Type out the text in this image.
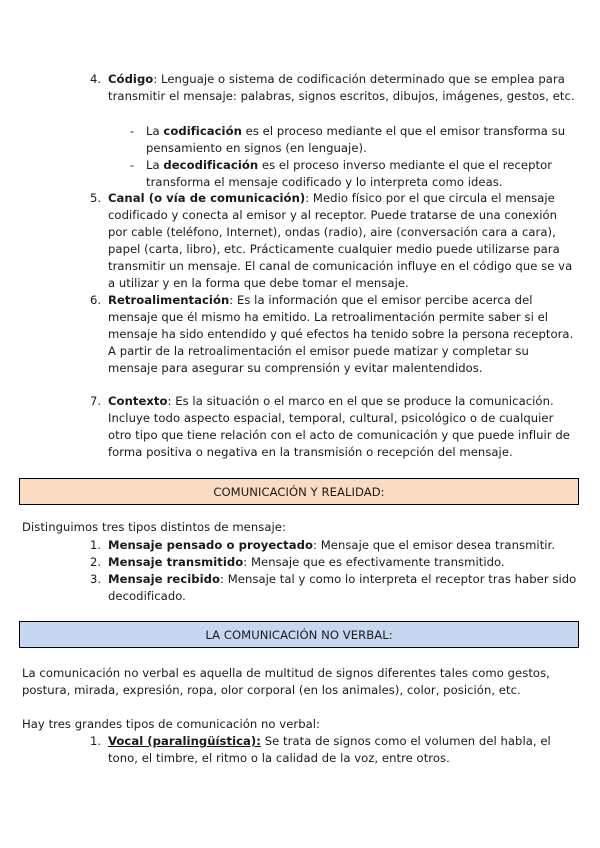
4. Código: Lenguaje o sistema de codificación determinado que se emplea para transmitir el mensaje: palabras, signos escritos, dibujos, imágenes, gestos, etc.
- La codificación es el proceso mediante el que el emisor transforma su pensamiento en signos (en lenguaje).
- La decodificación es el proceso inverso mediante el que el receptor transforma el mensaje codificado y lo interpreta como ideas.
5. Canal (o vía de comunicación): Medio físico por el que circula el mensaje codificado y conecta al emisor y al receptor. Puede tratarse de una conexión por cable (teléfono, Internet), ondas (radio), aire (conversación cara a cara), papel (carta, libro), etc. Prácticamente cualquier medio puede utilizarse para transmitir un mensaje. El canal de comunicación influye en el código que se va a utilizar y en la forma que debe tomar el mensaje.
6. Retroalimentación: Es la información que el emisor percibe acerca del mensaje que él mismo ha emitido. La retroalimentación permite saber si el mensaje ha sido entendido y qué efectos ha tenido sobre la persona receptora. A partir de la retroalimentación el emisor puede matizar y completar su mensaje para asegurar su comprensión y evitar malentendidos.
7. Contexto: Es la situación o el marco en el que se produce la comunicación. Incluye todo aspecto espacial, temporal, cultural, psicológico o de cualquier otro tipo que tiene relación con el acto de comunicación y que puede influir de forma positiva o negativa en la transmisión o recepción del mensaje.
COMUNICACIÓN Y REALIDAD:
Distinguimos tres tipos distintos de mensaje:
1. Mensaje pensado o proyectado: Mensaje que el emisor desea transmitir.
2. Mensaje transmitido: Mensaje que es efectivamente transmitido.
3. Mensaje recibido: Mensaje tal y como lo interpreta el receptor tras haber sido decodificado.
LA COMUNICACIÓN NO VERBAL:
La comunicación no verbal es aquella de multitud de signos diferentes tales como gestos, postura, mirada, expresión, ropa, olor corporal (en los animales), color, posición, etc.
Hay tres grandes tipos de comunicación no verbal:
1. Vocal (paralingüística): Se trata de signos como el volumen del habla, el tono, el timbre, el ritmo o la calidad de la voz, entre otros.
